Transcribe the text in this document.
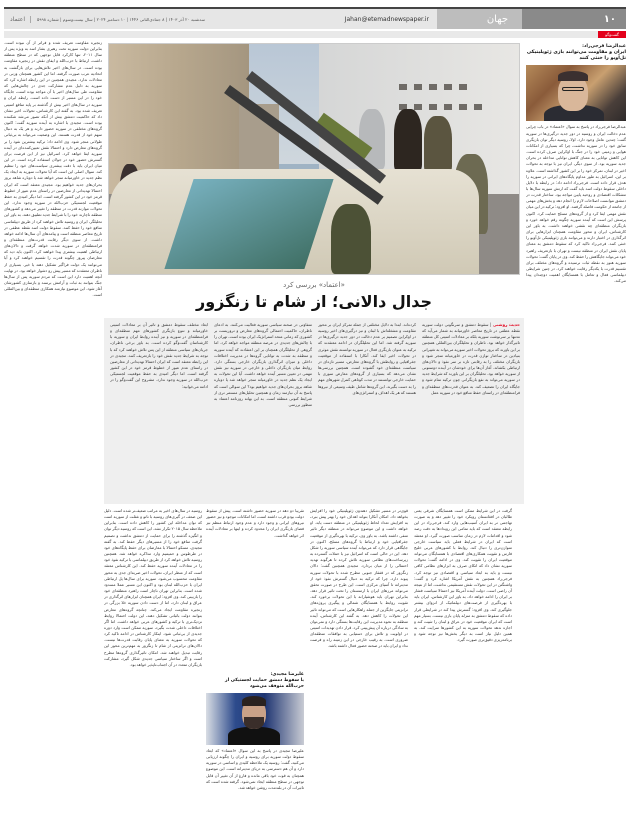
اعتماد	سه‌شنبه ۲۰ آذر ۱۴۰۳ | ۸ جمادی‌الثانی ۱۴۴۶ | ۱۰ دسامبر ۲۰۲۴ | سال بیست‌وسوم | شماره ۵۹۹۸	Jahan@etemadnewspaper.ir	جهان	۱۰
گفت‌وگو
عبدالرضا فرجی‌راد:
ایران و مقاومت می‌توانند بازی ژئوپلیتیکی تل‌آویو را خنثی کنند
عبدالرضا فرجی‌راد در پاسخ به سوال «اعتماد» در باب چرایی عدم دخالت ایران و روسیه در دور جدید درگیری‌ها در سوریه گفت: چندین عامل وجود دارد. اولا، روسیه دیگر توان بازیگری سابق خود را در سوریه نداشت، چرا که بسیاری از امکانات هوایی و زمینی خود را در جنگ با اوکراین صرف کرده است. این کاهش توانایی به معنای کاهش توانایی مداخله در بحران جدید سوریه بود. از سوی دیگر، ایران نیز با توجه به تحولات اخیر در لبنان، تمرکز خود را بر این کشور گذاشته است. علاوه بر این، اسرائیل به طور مداوم پایگاه‌های ایرانی در سوریه را هدف قرار داده است. فرجی‌راد ادامه داد: در رابطه با دلایل داخلی سقوط دولت اسد باید گفت که ارتش سوریه سال‌ها با مشکلات اقتصادی و روحیه پایین مواجه بود. ساختار قدرت در دمشق نتوانست اصلاحات لازم را انجام دهد و بخش‌های مهمی از جامعه از حکومت فاصله گرفتند. او افزود: ترکیه در این میان نقش مهمی ایفا کرد و از گروه‌های مسلح حمایت کرد. اکنون پرسش این است که آینده سوریه چگونه رقم خواهد خورد و بازیگران منطقه‌ای چه نقشی خواهند داشت. به باور این کارشناس، ایران و محور مقاومت همچنان ابزارهایی برای اثرگذاری در اختیار دارند و می‌توانند بازی ژئوپلیتیکی تل‌آویو را خنثی کنند. فرجی‌راد تاکید کرد که سقوط دمشق به معنای پایان نقش ایران در منطقه نیست و تهران با بازتعریف راهبرد خود می‌تواند جایگاهش را حفظ کند. وی در پایان گفت: تحولات سوریه هنوز به نقطه ثبات نرسیده و گروه‌های مختلف برای تقسیم قدرت با یکدیگر رقابت خواهند کرد. در چنین شرایطی دیپلماسی فعال و تعامل با همسایگان اهمیت دوچندان پیدا می‌کند.
زنجیره مقاومت تعریف شده و فراتر از آن نبوده است. بنابراین دولت سوریه تحت رهبری بشار اسد به ویژه پس از سال ۲۰۱۱، تنها کارکرد قابل توجهی که در سطح منطقه داشت، ارتباط با حزب‌الله و ایفای نقش در زنجیره مقاومت بوده است. در سال‌های اخیر تلاش‌هایی برای بازگشت به اتحادیه عرب صورت گرفته، اما این کشور همچنان وزنی در معادلات ندارد. مجیدی همچنین در این رابطه اشاره کرد که سوریه به دلیل عدم مشارکت جدی در چالش‌هایی که مقاومت طی سال‌های اخیر با آن مواجه بوده است، جایگاه خود را در این مسیر از دست داده است. رابطه ایران و سوریه در سال‌های اخیر بیش از گذشته بر پایه منافع امنیتی تعریف شده بود. به گفته این کارشناس، تحولات اخیر نشان داد که حاکمیت دمشق بیش از آنکه تصور می‌شد شکننده بوده است. مجیدی با اشاره به آینده سوریه گفت: اکنون گروه‌های مختلفی در سوریه حضور دارند و هر یک به دنبال سهم خود از قدرت هستند. این وضعیت می‌تواند به بی‌ثباتی طولانی منجر شود. وی ادامه داد: ترکیه بیشترین نفوذ را بر گروه‌های معارض دارد و احتمالا نقش تعیین‌کننده‌ای در آینده سوریه ایفا خواهد کرد. اسرائیل نیز از این فرصت برای گسترش حضور خود در جولان استفاده کرده است. در این میان ایران باید با دقت بیشتری سیاست‌های خود را تنظیم کند. سوال اصلی این است که آیا تحولات سوریه به ایجاد یک نظم جدید در خاورمیانه منجر خواهد شد یا دوباره شاهد بروز بحران‌های جدید خواهیم بود. مجیدی معتقد است که ایران احتمالا تهدیداتی از معارضین در راستای عدم عبور از خطوط قرمز خود در این کشور گرفته است. اما دیگر امیدی به حفظ موقعیت لجستیکی حزب‌الله در سوریه وجود ندارد. این تحولات موازنه قدرت در منطقه را تغییر می‌دهد و کشورهای منطقه ناچارند خود را با شرایط جدید تطبیق دهند. به باور این تحلیلگر، ایران و روسیه تلاش خواهند کرد از طریق دیپلماسی منافع خود را حفظ کنند. سقوط دولت اسد نقطه عطفی در تاریخ معاصر منطقه است و پیامدهای آن سال‌ها ادامه خواهد داشت. از سوی دیگر رقابت قدرت‌های منطقه‌ای و فرامنطقه‌ای در سوریه شدت خواهد گرفت و دالان‌های ارتباطی اهمیت بیشتری پیدا خواهند کرد. اکنون باید دید که معارضان پیروز چگونه قدرت را تقسیم خواهند کرد و آیا می‌توانند یک دولت فراگیر تشکیل دهند یا خیر. بسیاری از ناظران معتقدند که مسیر پیش رو دشوار خواهد بود. در نهایت آنچه اهمیت دارد این است که مردم سوریه پس از سال‌ها جنگ بتوانند به ثبات و آرامش برسند و بازسازی کشورشان آغاز شود. این موضوع نیازمند همکاری منطقه‌ای و بین‌المللی است.
«اعتماد» بررسی کرد
جدال دالانی؛ از شام تا زنگزور
حدیث روشنی | سقوط دمشق و سرنگونی دولت سوریه نقطه عطفی در تاریخ معاصر خاورمیانه به شمار می‌آید که نه‌تنها بر سرنوشت سوریه بلکه بر معادلات امنیتی کل منطقه تاثیرگذار خواهد بود. ناظران و تحلیلگران بین‌المللی همچنین بر این باورند که بروز تحولات اخیر سوریه می‌تواند به تغییراتی بنیادین در ساختار توازن قدرت در خاورمیانه منجر شود و بازیگران مختلف را به رقابتی تازه بر سر نفوذ و دالان‌های ارتباطی بکشاند. آغاز آن‌ها برای خودشان در آینده دوستونی از سوریه خواهد بود. تحلیلگران بر این باورند که شرایط جدید در سوریه می‌تواند به نفع بازیگرانی چون ترکیه تمام شود و جایگاه ایران را تضعیف کند. به عنوان قدرت‌های منطقه‌ای و فرامنطقه‌ای در راستای حفظ منافع خود در سوریه عمل
کرده‌اند. ابتدا به دلایل مختلفی از جمله تمرکز ایران بر محور مقاومت و مشغله‌اش با لبنان و نیز درگیری‌های اخیر روسیه در اوکراین تصمیم بر عدم دخالت در دور جدید درگیری‌ها در سوریه گرفته شد. اما این تحلیلگران در ادامه معتقدند که ترکیه به عنوان بازیگری فعال در سوریه توانسته نقش موثری در تحولات اخیر ایفا کند. آنکارا با استفاده از موقعیت جغرافیایی و روابطش با گروه‌های معارض، مسیر تازه‌ای در سیاست منطقه‌ای خود گشوده است. همچنین بررسی‌ها نشان می‌دهد که بسیاری از گروه‌های معارض سوری با حمایت خارجی توانستند در مدت کوتاهی کنترل شهرهای مهم را به دست بگیرند. این گروه‌ها شامل طیف وسیعی از نیروها هستند که هر یک اهداف و استراتژی‌های
متفاوتی در صحنه سیاسی سوریه فعالیت می‌کنند. به ادعای ناظران، حاکمیت احتمالی گروه‌های معارض و تروریست بر کشوری که زمانی متحد استراتژیک ایران بوده است، تهران را با چالش‌های جدیدی در عرصه منطقه مواجه خواهد کرد. اما گروهی از تحلیلگران همچنان بر این اعتقادند که آینده سوریه و منطقه به شدت به توانایی گروه‌ها در مدیریت اختلافات داخلی و میزان اثرگذاری بازیگران خارجی بستگی دارد. روابط میان بازیگران داخلی و خارجی در سوریه نیز نقش مهمی در تعیین مسیر آینده خواهد داشت. آیا این تحولات به ایجاد یک نظم جدید در خاورمیانه منجر خواهد شد یا دوباره شاهد بروز بحران‌های جدید خواهیم بود؟ این سوالی است که پاسخ به آن نیازمند زمان و همچنین تحلیل‌های مستمر تری از شرایط کنونی منطقه است. به این بهانه روزنامه اعتماد به منظور بررسی
ابعاد مختلف سقوط دمشق و تاثیر آن بر معادلات امنیتی خاورمیانه و تنوع بازیگری کشورهای مهم منطقه‌ای و فرامنطقه‌ای در سوریه و نیز آینده روابط ایران و سوریه با کارشناسان گفت‌وگو کرده است. به باور برخی ناظران، جریان‌های سیاسی منطقه از این پس تلاش خواهند کرد که با توجه به شرایط جدید نقش خود را بازتعریف کنند. مجیدی در این رابطه معتقد است که ایران احتمالا تهدیداتی از معارضین در راستای عدم عبور از خطوط قرمز خود در این کشور گرفته است. اما دیگر امیدی به حفظ موقعیت لجستیکی حزب‌الله در سوریه وجود ندارد. مشروح این گفت‌وگو را در ادامه می‌خوانید:
تقریبا دو دهه در سوریه حضور داشته است. پیش از سقوط دولت بودو قرب داشته است، اما امکانات موجود و نیز حضور نیروهای ایرانی و وجود دارد و عدم وجود ارتباط منظم نیز فضای بازیگری ایران را محدود کرده و اینها بر معادلات آینده اثر خواهد گذاشت.
علیرضا مجیدی:
با سقوط دمشق حمایت لجستیکی از حزب‌الله متوقف می‌شود
علیرضا مجیدی در پاسخ به این سوال «اعتماد» که ابعاد سقوط دولت سوریه برای روسیه و ایران را چگونه ارزیابی می‌کنید، گفت: روسیه یک ملاحظه کلیدی و اساسی در سوریه دارد و آن هم دسترسی به دریای مدیترانه است. این موضوع همچنان به قوت خود باقی مانده و فارغ از آن تغییر آن قابل توجهی در سطح منطقه ایجاد نمی‌شود. گرفته شده است که تاثیرات آن در بلندمدت روشن خواهد شد.
روسیه در سال‌های اخیر به مراتب ضعیف‌تر شده است. دلیل این ضعف در گیری‌های روسیه با ناتو و غفلت از سوریه است که توان مداخله این کشور را کاهش داده است. بنابراین ملاحظه سال ۲۰۱۵ تکرار نشد. این است که روسیه دیگر توان و انگیزه گذشته را برای حمایت از دمشق نداشت و تصمیم گرفت منافع خود را از مسیرهای دیگر حفظ کند. به گفته مجیدی، مسکو احتمالا با معارضان برای حفظ پایگاه‌های خود در طرطوس و حمیمیم وارد مذاکره خواهد شد. همچنین روسیه تلاش خواهد کرد از طریق دیپلماسی با ترکیه نفوذ خود را در معادلات آینده سوریه حفظ کند. این کارشناس معتقد است که از منظر ایران، تحولات اخیر ضربه‌ای جدی به محور مقاومت محسوب می‌شود. سوریه برای سال‌ها پل ارتباطی ایران با حزب‌الله لبنان بود و اکنون این مسیر عملا مسدود شده است. بنابراین تهران ناچار است راهبرد منطقه‌ای خود را بازبینی کند. وی افزود: ایران همچنان ابزارهای اثرگذاری در عراق و لبنان دارد، اما از دست دادن سوریه خلا بزرگی در زنجیره مقاومت ایجاد می‌کند. چنانچه گروه‌های معارض بتوانند دولت باثباتی تشکیل دهند، این دولت احتمالا روابط نزدیک‌تری با ترکیه و کشورهای عربی خواهد داشت. اما اگر اختلافات داخلی شدت بگیرد، سوریه ممکن است وارد دوره جدیدی از بی‌ثباتی شود. اینکار کارشناس در ادامه تاکید کرد که تحولات سوریه به معنای پایان رقابت قدرت‌ها نیست. دالان‌های ترانزیتی از شام تا زنگزور به مهم‌ترین محور این رقابت تبدیل خواهند شد. امکان تاثیرگذاری گروه‌ها مطرح است و اگر ساختار سیاسی جدیدی شکل گیرد، مشارکت بازیگران متعدد در آن اجتناب‌ناپذیر خواهد بود.
قوی‌تر در مسیر تشکیل دهندون ژئوپلیتیکی خود را افزایش بخواهد داد. امکان آنکارا بتواند اهداف خود را بهتر پیش ببرد، به افزایش تعداد لحاظ ژئوپلیتیکی در منطقه دست یابد. او خواهد داشت و این موضوع می‌تواند در منطقه دیگر تاثیر منفی داشته باشد. به باور وی، ترکیه با بهره‌گیری از موقعیت جغرافیایی خود و ارتباط با گروه‌های مسلح، اکنون در جایگاهی قرار دارد که می‌تواند آینده سیاسی سوریه را شکل دهد. این در حالی است که اسرائیل نیز با حملات گسترده به زیرساخت‌های نظامی سوریه تلاش کرده تا هرگونه تهدید احتمالی را از میان بردارد. مجیدی همچنین گفت: دالان زنگزور که در قفقاز جنوبی مطرح شده با تحولات سوریه پیوند دارد، چرا که ترکیه به دنبال گسترش نفوذ خود از مدیترانه تا آسیای مرکزی است. این طرح در صورت تحقق می‌تواند مرزهای ایران با ارمنستان را تحت تاثیر قرار دهد. بنابراین تهران باید هوشیارانه با این تحولات برخورد کند. تقویت روابط با همسایگان شمالی و پیگیری پروژه‌های ترانزیتی جایگزین از جمله راهکارهایی است که می‌تواند تاثیر این تحولات را کاهش دهد. به گفته این کارشناس، آینده منطقه به نحوه مدیریت این رقابت‌ها بستگی دارد و نمی‌توان به سادگی درباره آن پیش‌بینی کرد. قرار دادن تهدیدات امنیتی در اولویت و تلاش برای دستیابی به توافقات منطقه‌ای ضروری است. به رقیب خارجی در این زمینه راه و فرصت نداد و ایران باید در صحنه حضور فعال داشته باشد.
گرفت در این شرایط ممکن است همسایگان شرقی یعنی طالبان در افغانستان رویکرد خود را تغییر دهد و به صورت تهاجمی تر به ایران آسیب‌هایی وارد کند. فرجی‌راد در این رابطه معتقد است که باید تمامی این رویدادها به دقت رصد شود و اقدامات لازم در زمان مناسب صورت گیرد. او معتقد است که ایران در شرایط فعلی باید سیاست خارجی متوازن‌تری را دنبال کند. روابط با کشورهای عربی خلیج فارس و تقویت همکاری‌های اقتصادی با همسایگان می‌تواند موقعیت ایران را تقویت کند. وی در ادامه گفت: تحولات سوریه نشان داد که اتکای صرف به ابزارهای نظامی کافی نیست و باید به ابعاد سیاسی و اقتصادی نیز توجه کرد. فرجی‌راد همچنین به نقش آمریکا اشاره کرد و گفت: واشنگتن در این تحولات نقش مستقیمی نداشت، اما از نتیجه آن راضی است. دولت آینده آمریکا نیز احتمالا سیاست فشار بر ایران را ادامه خواهد داد. به باور این کارشناس، ایران باید با بهره‌گیری از فرصت‌های دیپلماتیک از انزوای بیشتر جلوگیری کند. وی افزود: گسترش پیدا کند در شرایطی قرار داده که سقوط دمشق به منزله پایان بازی نیست. بسیار مهم است که ایران موقعیت خود در عراق و لبنان را تثبیت کند و اجازه ندهد تحولات سوریه به این کشورها سرایت کند. به همین دلیل نیاز است به دیگر بخش‌ها نیز توجه شود و برنامه‌ریزی دقیق‌تری صورت گیرد.
